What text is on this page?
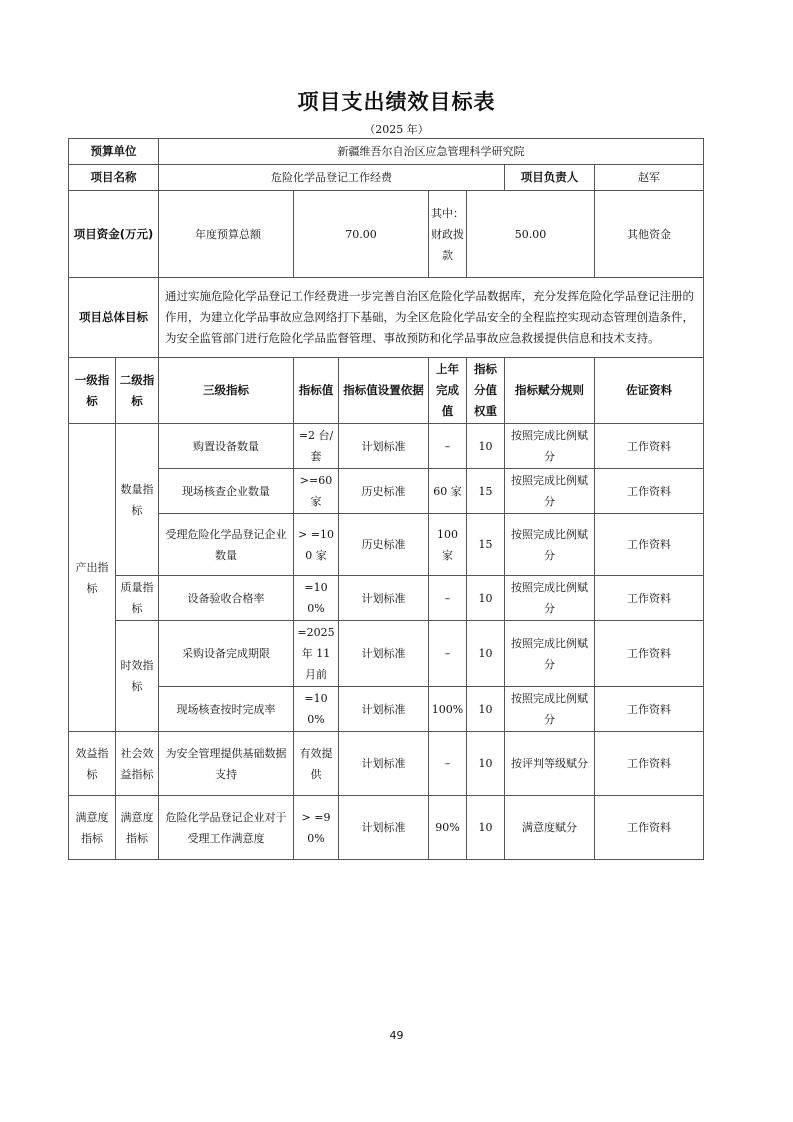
项目支出绩效目标表
（2025 年）
预算单位		新疆维吾尔自治区应急管理科学研究院							
项目名称		危险化学品登记工作经费					项目负责人	赵军	
项目资金(万元)		年度预算总额	70.00		其中：财政拨款	50.00		其他资金	
项目总体目标		通过实施危险化学品登记工作经费进一步完善自治区危险化学品数据库，充分发挥危险化学品登记注册的作用，为建立化学品事故应急网络打下基础，为全区危险化学品安全的全程监控实现动态管理创造条件，为安全监管部门进行危险化学品监督管理、事故预防和化学品事故应急救援提供信息和技术支持。							
一级指标	二级指标	三级指标	指标值	指标值设置依据	上年完成值	指标分值权重	指标赋分规则	佐证资料	
产出指标	数量指标	购置设备数量	=2 台/套	计划标准	–	10	按照完成比例赋分	工作资料	
		现场核查企业数量	>=60 家	历史标准	60 家	15	按照完成比例赋分	工作资料	
		受理危险化学品登记企业数量	> =100 家	历史标准	100 家	15	按照完成比例赋分	工作资料	
	质量指标	设备验收合格率	=100%	计划标准	–	10	按照完成比例赋分	工作资料	
	时效指标	采购设备完成期限	=2025 年 11 月前	计划标准	–	10	按照完成比例赋分	工作资料	
		现场核查按时完成率	=100%	计划标准	100%	10	按照完成比例赋分	工作资料	
效益指标	社会效益指标	为安全管理提供基础数据支持	有效提供	计划标准	–	10	按评判等级赋分	工作资料	
满意度指标	满意度指标	危险化学品登记企业对于受理工作满意度	> =90%	计划标准	90%	10	满意度赋分	工作资料	
49
